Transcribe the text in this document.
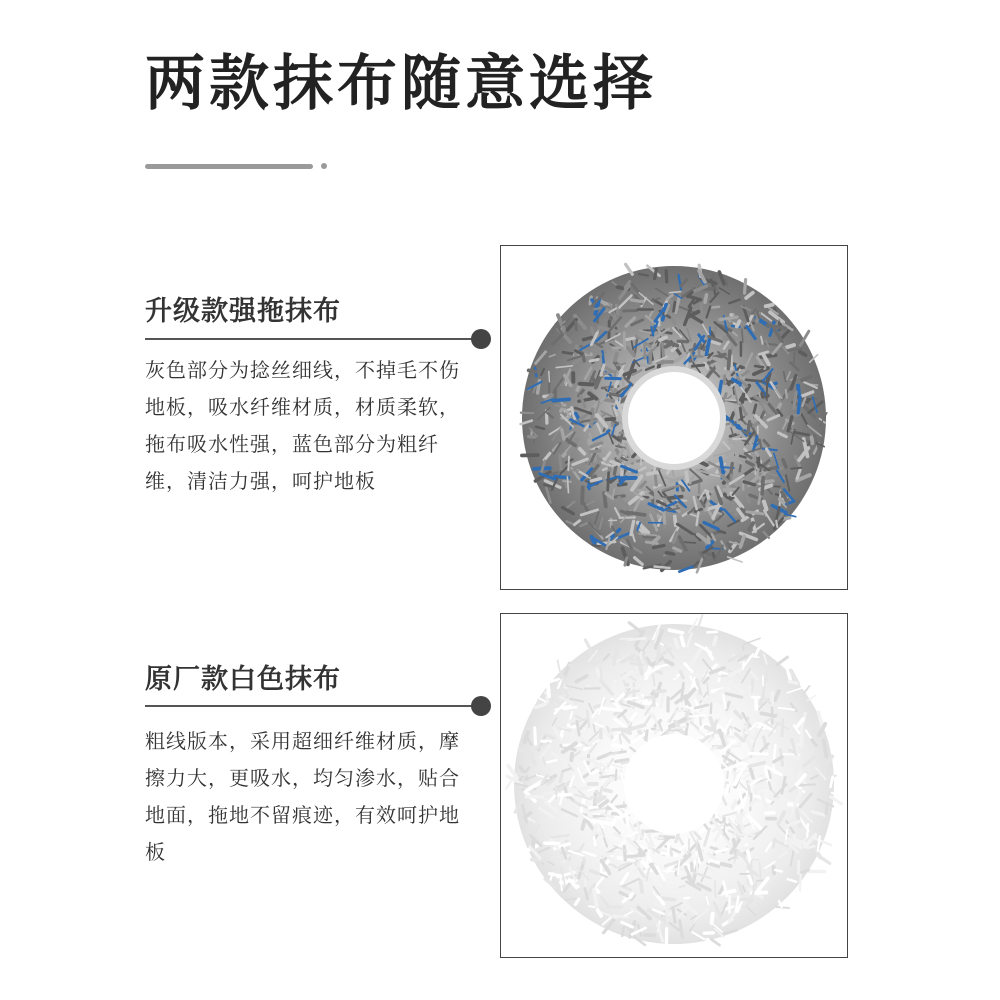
两款抹布随意选择
升级款强拖抹布

灰色部分为捻丝细线，不掉毛不伤地板，吸水纤维材质，材质柔软，拖布吸水性强，蓝色部分为粗纤维，清洁力强，呵护地板

原厂款白色抹布

粗线版本，采用超细纤维材质，摩擦力大，更吸水，均匀渗水，贴合地面，拖地不留痕迹，有效呵护地板
